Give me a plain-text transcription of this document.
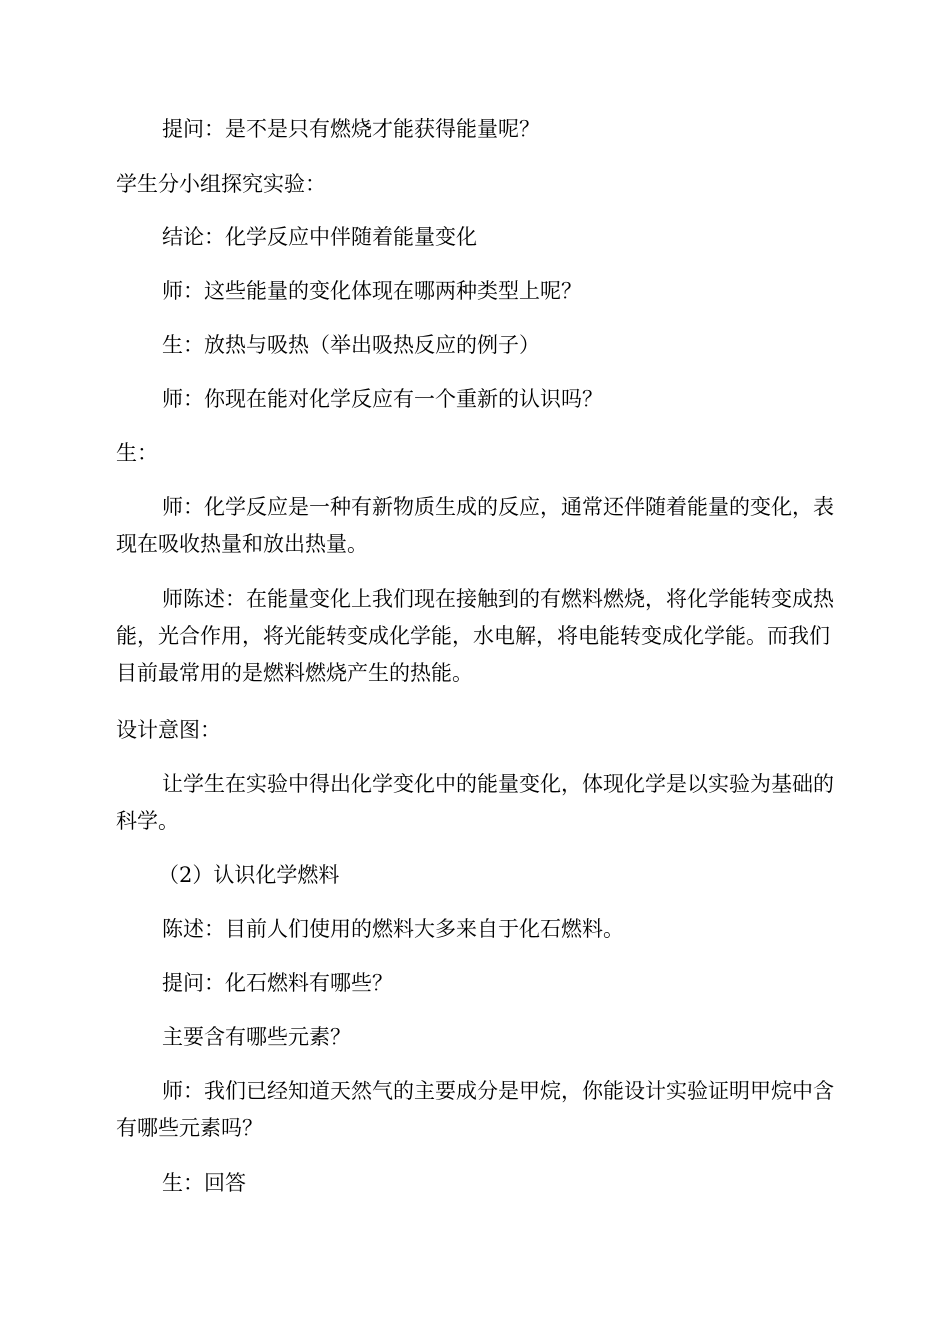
提问：是不是只有燃烧才能获得能量呢？

学生分小组探究实验：

结论：化学反应中伴随着能量变化

师：这些能量的变化体现在哪两种类型上呢？

生：放热与吸热（举出吸热反应的例子）

师：你现在能对化学反应有一个重新的认识吗？

生：

师：化学反应是一种有新物质生成的反应，通常还伴随着能量的变化，表现在吸收热量和放出热量。

师陈述：在能量变化上我们现在接触到的有燃料燃烧，将化学能转变成热能，光合作用，将光能转变成化学能，水电解，将电能转变成化学能。而我们目前最常用的是燃料燃烧产生的热能。

设计意图：

让学生在实验中得出化学变化中的能量变化，体现化学是以实验为基础的科学。

（2）认识化学燃料

陈述：目前人们使用的燃料大多来自于化石燃料。

提问：化石燃料有哪些？

主要含有哪些元素？

师：我们已经知道天然气的主要成分是甲烷，你能设计实验证明甲烷中含有哪些元素吗？

生：回答
